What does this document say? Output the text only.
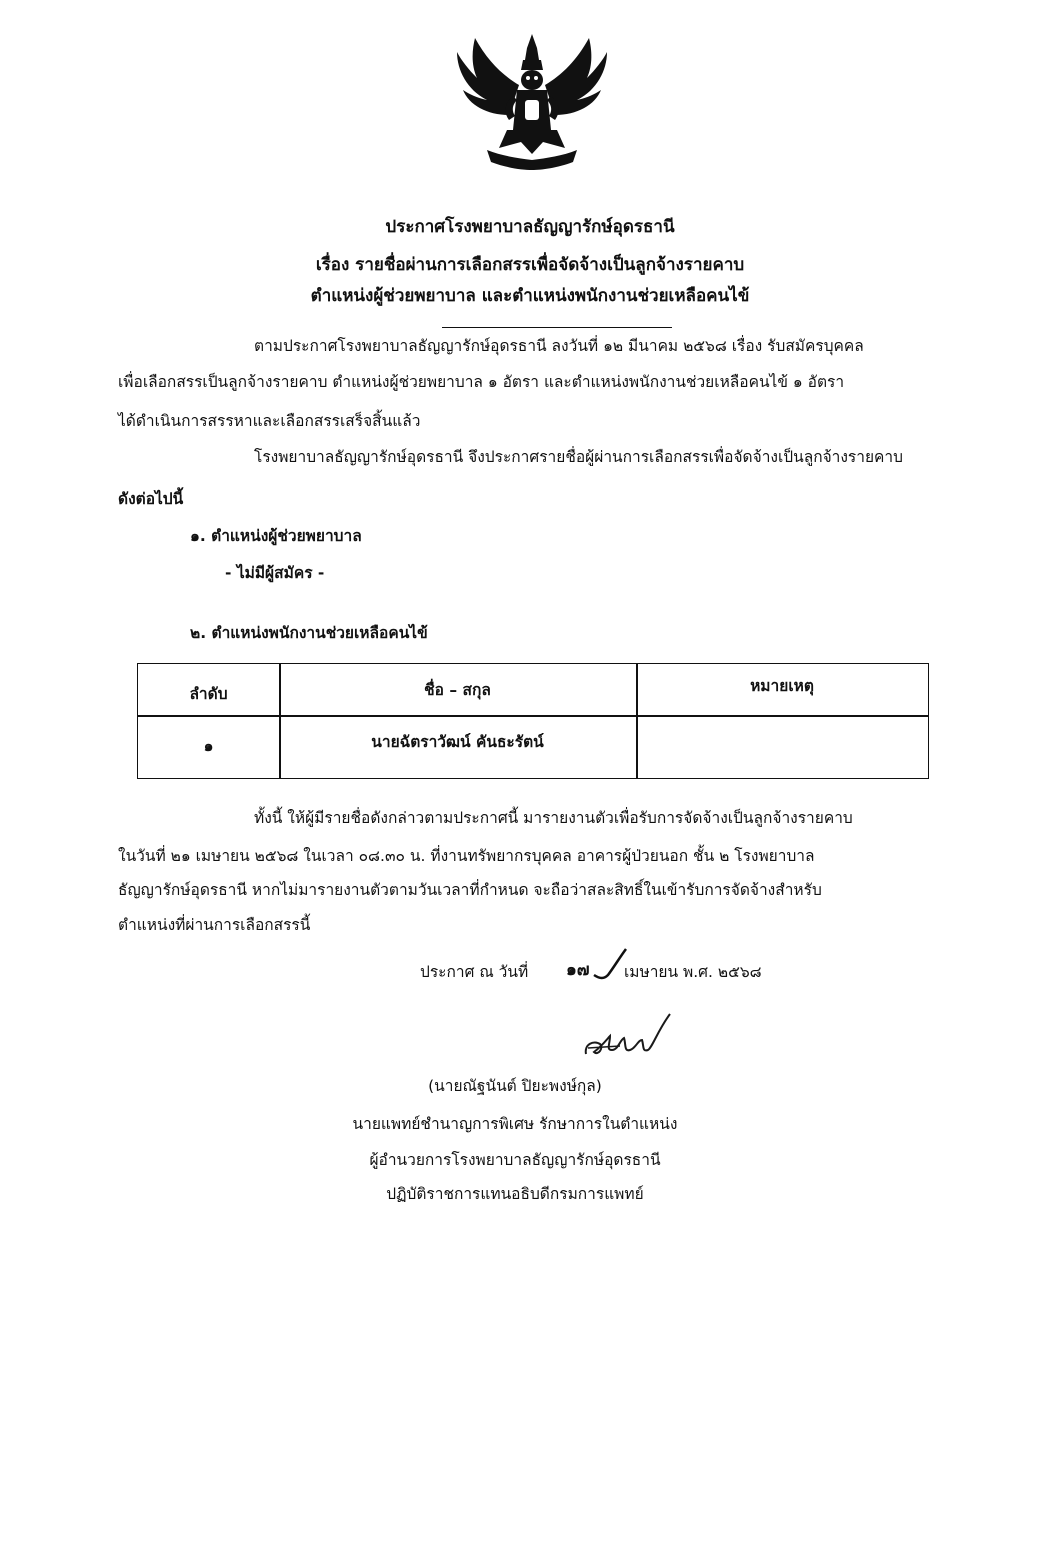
ประกาศโรงพยาบาลธัญญารักษ์อุดรธานี
เรื่อง รายชื่อผ่านการเลือกสรรเพื่อจัดจ้างเป็นลูกจ้างรายคาบ
ตำแหน่งผู้ช่วยพยาบาล และตำแหน่งพนักงานช่วยเหลือคนไข้
ตามประกาศโรงพยาบาลธัญญารักษ์อุดรธานี ลงวันที่ ๑๒ มีนาคม ๒๕๖๘ เรื่อง รับสมัครบุคคล
เพื่อเลือกสรรเป็นลูกจ้างรายคาบ ตำแหน่งผู้ช่วยพยาบาล ๑ อัตรา และตำแหน่งพนักงานช่วยเหลือคนไข้ ๑ อัตรา
ได้ดำเนินการสรรหาและเลือกสรรเสร็จสิ้นแล้ว
โรงพยาบาลธัญญารักษ์อุดรธานี จึงประกาศรายชื่อผู้ผ่านการเลือกสรรเพื่อจัดจ้างเป็นลูกจ้างรายคาบ
ดังต่อไปนี้
๑. ตำแหน่งผู้ช่วยพยาบาล
- ไม่มีผู้สมัคร -
๒. ตำแหน่งพนักงานช่วยเหลือคนไข้
ลำดับ	ชื่อ – สกุล	หมายเหตุ
๑	นายฉัตราวัฒน์ คันธะรัตน์
ทั้งนี้ ให้ผู้มีรายชื่อดังกล่าวตามประกาศนี้ มารายงานตัวเพื่อรับการจัดจ้างเป็นลูกจ้างรายคาบ
ในวันที่ ๒๑ เมษายน ๒๕๖๘ ในเวลา ๐๘.๓๐ น. ที่งานทรัพยากรบุคคล อาคารผู้ป่วยนอก ชั้น ๒ โรงพยาบาล
ธัญญารักษ์อุดรธานี หากไม่มารายงานตัวตามวันเวลาที่กำหนด จะถือว่าสละสิทธิ์ในเข้ารับการจัดจ้างสำหรับ
ตำแหน่งที่ผ่านการเลือกสรรนี้
ประกาศ ณ วันที่ ๑๗ เมษายน พ.ศ. ๒๕๖๘
(นายณัฐนันต์ ปิยะพงษ์กุล)
นายแพทย์ชำนาญการพิเศษ รักษาการในตำแหน่ง
ผู้อำนวยการโรงพยาบาลธัญญารักษ์อุดรธานี
ปฏิบัติราชการแทนอธิบดีกรมการแพทย์
